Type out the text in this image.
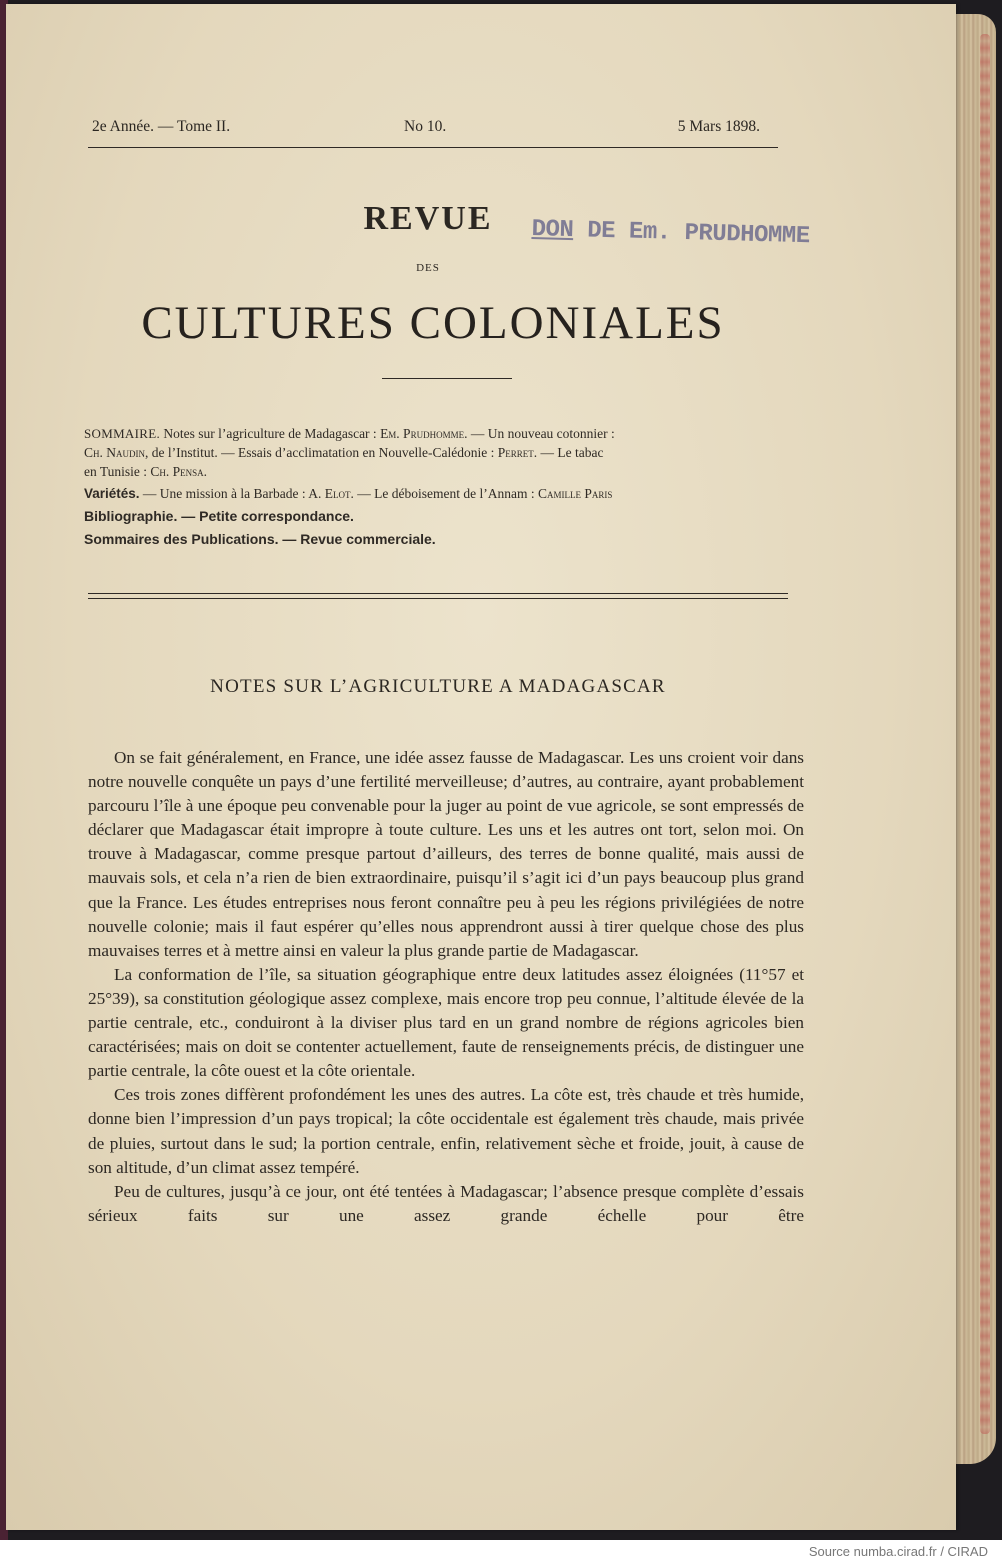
2e Année. — Tome II.	No 10.	5 Mars 1898.
REVUE
DES
CULTURES COLONIALES
DON DE Em. PRUDHOMME
SOMMAIRE. Notes sur l’agriculture de Madagascar : Em. Prudhomme. — Un nouveau cotonnier :
Ch. Naudin, de l’Institut. — Essais d’acclimatation en Nouvelle-Calédonie : Perret. — Le tabac
en Tunisie : Ch. Pensa.
Variétés. — Une mission à la Barbade : A. Elot. — Le déboisement de l’Annam : Camille Paris
Bibliographie. — Petite correspondance.
Sommaires des Publications. — Revue commerciale.
NOTES SUR L’AGRICULTURE A MADAGASCAR

On se fait généralement, en France, une idée assez fausse de Madagascar. Les uns croient voir dans notre nouvelle conquête un pays d’une fertilité merveilleuse; d’autres, au contraire, ayant probablement parcouru l’île à une époque peu convenable pour la juger au point de vue agricole, se sont empressés de déclarer que Madagascar était impropre à toute culture. Les uns et les autres ont tort, selon moi. On trouve à Madagascar, comme presque partout d’ailleurs, des terres de bonne qualité, mais aussi de mauvais sols, et cela n’a rien de bien extraordinaire, puisqu’il s’agit ici d’un pays beaucoup plus grand que la France. Les études entreprises nous feront connaître peu à peu les régions privilégiées de notre nouvelle colonie; mais il faut espérer qu’elles nous apprendront aussi à tirer quelque chose des plus mauvaises terres et à mettre ainsi en valeur la plus grande partie de Madagascar.

La conformation de l’île, sa situation géographique entre deux latitudes assez éloignées (11°57 et 25°39), sa constitution géologique assez complexe, mais encore trop peu connue, l’altitude élevée de la partie centrale, etc., conduiront à la diviser plus tard en un grand nombre de régions agricoles bien caractérisées; mais on doit se contenter actuellement, faute de renseignements précis, de distinguer une partie centrale, la côte ouest et la côte orientale.

Ces trois zones diffèrent profondément les unes des autres. La côte est, très chaude et très humide, donne bien l’impression d’un pays tropical; la côte occidentale est également très chaude, mais privée de pluies, surtout dans le sud; la portion centrale, enfin, relativement sèche et froide, jouit, à cause de son altitude, d’un climat assez tempéré.

Peu de cultures, jusqu’à ce jour, ont été tentées à Madagascar; l’absence presque complète d’essais sérieux faits sur une assez grande échelle pour être

Source numba.cirad.fr / CIRAD
